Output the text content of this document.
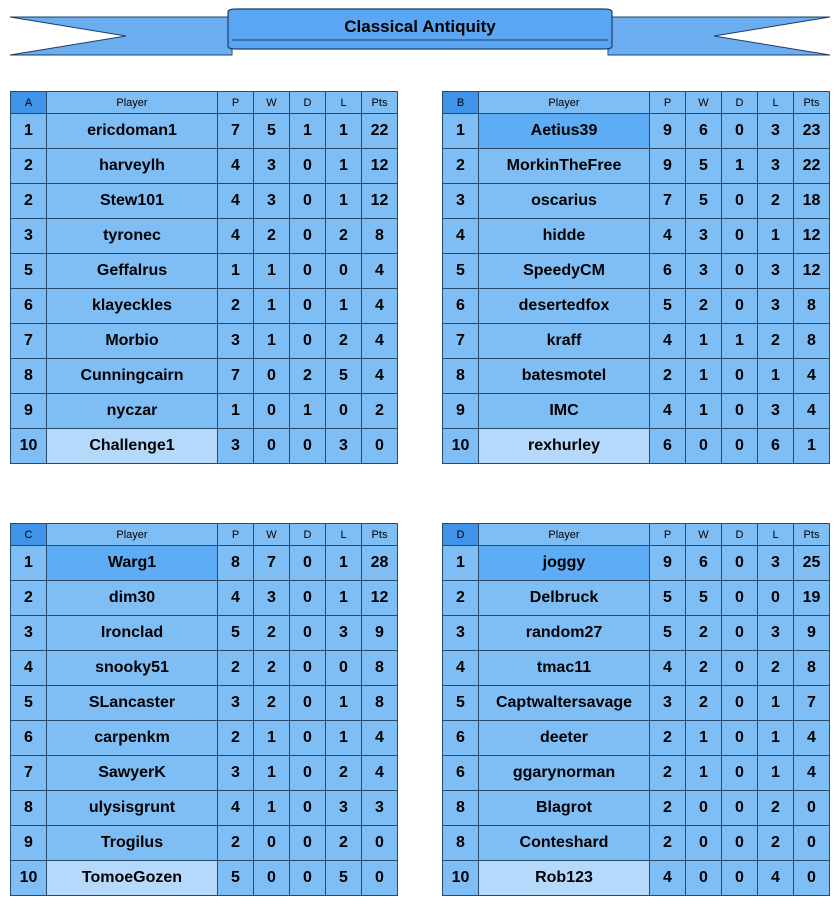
Classical Antiquity
A	Player	P	W	D	L	Pts
1	ericdoman1	7	5	1	1	22
2	harveylh	4	3	0	1	12
2	Stew101	4	3	0	1	12
3	tyronec	4	2	0	2	8
5	Geffalrus	1	1	0	0	4
6	klayeckles	2	1	0	1	4
7	Morbio	3	1	0	2	4
8	Cunningcairn	7	0	2	5	4
9	nyczar	1	0	1	0	2
10	Challenge1	3	0	0	3	0
B	Player	P	W	D	L	Pts
1	Aetius39	9	6	0	3	23
2	MorkinTheFree	9	5	1	3	22
3	oscarius	7	5	0	2	18
4	hidde	4	3	0	1	12
5	SpeedyCM	6	3	0	3	12
6	desertedfox	5	2	0	3	8
7	kraff	4	1	1	2	8
8	batesmotel	2	1	0	1	4
9	IMC	4	1	0	3	4
10	rexhurley	6	0	0	6	1
C	Player	P	W	D	L	Pts
1	Warg1	8	7	0	1	28
2	dim30	4	3	0	1	12
3	Ironclad	5	2	0	3	9
4	snooky51	2	2	0	0	8
5	SLancaster	3	2	0	1	8
6	carpenkm	2	1	0	1	4
7	SawyerK	3	1	0	2	4
8	ulysisgrunt	4	1	0	3	3
9	Trogilus	2	0	0	2	0
10	TomoeGozen	5	0	0	5	0
D	Player	P	W	D	L	Pts
1	joggy	9	6	0	3	25
2	Delbruck	5	5	0	0	19
3	random27	5	2	0	3	9
4	tmac11	4	2	0	2	8
5	Captwaltersavage	3	2	0	1	7
6	deeter	2	1	0	1	4
6	ggarynorman	2	1	0	1	4
8	Blagrot	2	0	0	2	0
8	Conteshard	2	0	0	2	0
10	Rob123	4	0	0	4	0
